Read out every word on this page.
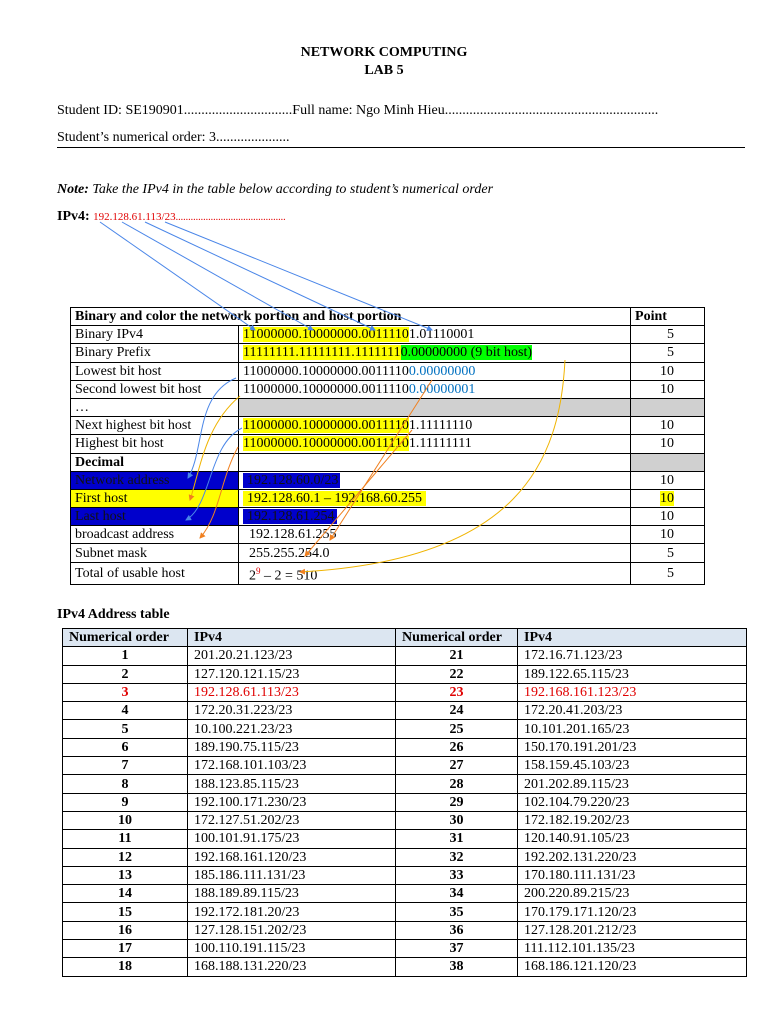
NETWORK COMPUTING
LAB 5
Student ID: SE190901...............................Full name: Ngo Minh Hieu.............................................................
Student’s numerical order: 3.....................
Note: Take the IPv4 in the table below according to student’s numerical order
IPv4: 192.128.61.113/23............................................
Binary and color the network portion and host portion		Point
Binary IPv4	11000000.10000000.00111101.01110001	5
Binary Prefix	11111111.11111111.11111110.00000000 (9 bit host)	5
Lowest bit host	11000000.10000000.00111100.00000000	10
Second lowest bit host	11000000.10000000.00111100.00000001	10
…		
Next highest bit host	11000000.10000000.00111101.11111110	10
Highest bit host	11000000.10000000.00111101.11111111	10
Decimal		
Network address	192.128.60.0/23	10
First host	192.128.60.1 – 192.168.60.255	10
Last host	192.128.61.254	10
broadcast address	192.128.61.255	10
Subnet mask	255.255.254.0	5
Total of usable host	$2^9 - 2 = 510$	5
IPv4 Address table
Numerical order	IPv4	Numerical order	IPv4
1	201.20.21.123/23	21	172.16.71.123/23
2	127.120.121.15/23	22	189.122.65.115/23
3	192.128.61.113/23	23	192.168.161.123/23
4	172.20.31.223/23	24	172.20.41.203/23
5	10.100.221.23/23	25	10.101.201.165/23
6	189.190.75.115/23	26	150.170.191.201/23
7	172.168.101.103/23	27	158.159.45.103/23
8	188.123.85.115/23	28	201.202.89.115/23
9	192.100.171.230/23	29	102.104.79.220/23
10	172.127.51.202/23	30	172.182.19.202/23
11	100.101.91.175/23	31	120.140.91.105/23
12	192.168.161.120/23	32	192.202.131.220/23
13	185.186.111.131/23	33	170.180.111.131/23
14	188.189.89.115/23	34	200.220.89.215/23
15	192.172.181.20/23	35	170.179.171.120/23
16	127.128.151.202/23	36	127.128.201.212/23
17	100.110.191.115/23	37	111.112.101.135/23
18	168.188.131.220/23	38	168.186.121.120/23
